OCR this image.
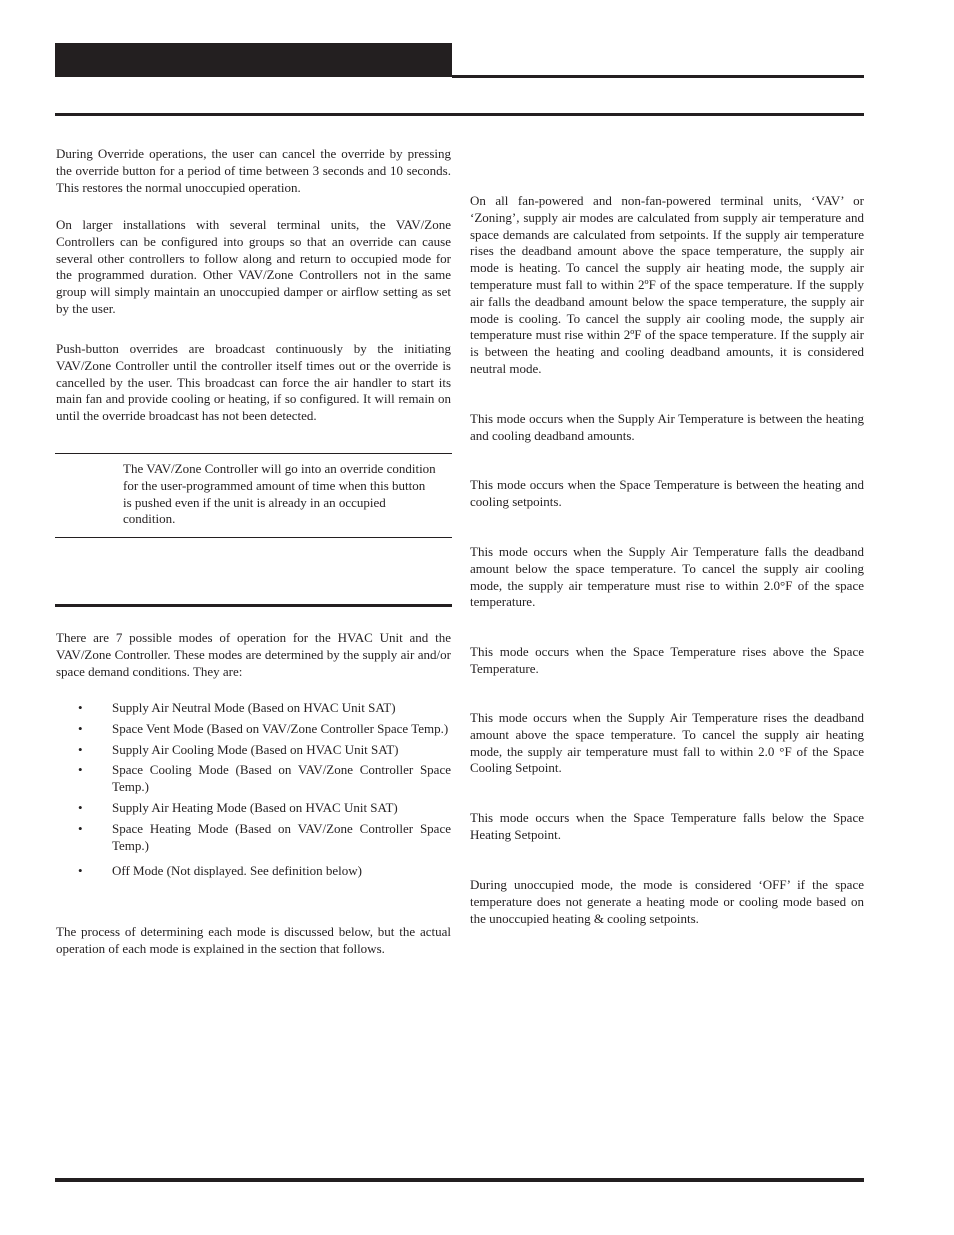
During Override operations, the user can cancel the override by pressing the override button for a period of time between 3 seconds and 10 seconds. This restores the normal unoccupied operation.

On larger installations with several terminal units, the VAV/Zone Controllers can be configured into groups so that an override can cause several other controllers to follow along and return to occupied mode for the programmed duration. Other VAV/Zone Controllers not in the same group will simply maintain an unoccupied damper or airflow setting as set by the user.

Push-button overrides are broadcast continuously by the initiating VAV/Zone Controller until the controller itself times out or the override is cancelled by the user. This broadcast can force the air handler to start its main fan and provide cooling or heating, if so configured. It will remain on until the override broadcast has not been detected.

The VAV/Zone Controller will go into an override condition for the user-programmed amount of time when this button is pushed even if the unit is already in an occupied condition.

There are 7 possible modes of operation for the HVAC Unit and the VAV/Zone Controller. These modes are determined by the supply air and/or space demand conditions. They are:

• Supply Air Neutral Mode (Based on HVAC Unit SAT)
• Space Vent Mode (Based on VAV/Zone Controller Space Temp.)
• Supply Air Cooling Mode (Based on HVAC Unit SAT)
• Space Cooling Mode (Based on VAV/Zone Controller Space Temp.)
• Supply Air Heating Mode (Based on HVAC Unit SAT)
• Space Heating Mode (Based on VAV/Zone Controller Space Temp.)
• Off Mode (Not displayed. See definition below)

The process of determining each mode is discussed below, but the actual operation of each mode is explained in the section that follows.

On all fan-powered and non-fan-powered terminal units, ‘VAV’ or ‘Zoning’, supply air modes are calculated from supply air temperature and space demands are calculated from setpoints. If the supply air temperature rises the deadband amount above the space temperature, the supply air mode is heating. To cancel the supply air heating mode, the supply air temperature must fall to within 2ºF of the space temperature. If the supply air falls the deadband amount below the space temperature, the supply air mode is cooling. To cancel the supply air cooling mode, the supply air temperature must rise within 2ºF of the space temperature. If the supply air is between the heating and cooling deadband amounts, it is considered neutral mode.

This mode occurs when the Supply Air Temperature is between the heating and cooling deadband amounts.

This mode occurs when the Space Temperature is between the heating and cooling setpoints.

This mode occurs when the Supply Air Temperature falls the deadband amount below the space temperature. To cancel the supply air cooling mode, the supply air temperature must rise to within 2.0°F of the space temperature.

This mode occurs when the Space Temperature rises above the Space Temperature.

This mode occurs when the Supply Air Temperature rises the deadband amount above the space temperature. To cancel the supply air heating mode, the supply air temperature must fall to within 2.0 °F of the Space Cooling Setpoint.

This mode occurs when the Space Temperature falls below the Space Heating Setpoint.

During unoccupied mode, the mode is considered ‘OFF’ if the space temperature does not generate a heating mode or cooling mode based on the unoccupied heating & cooling setpoints.
